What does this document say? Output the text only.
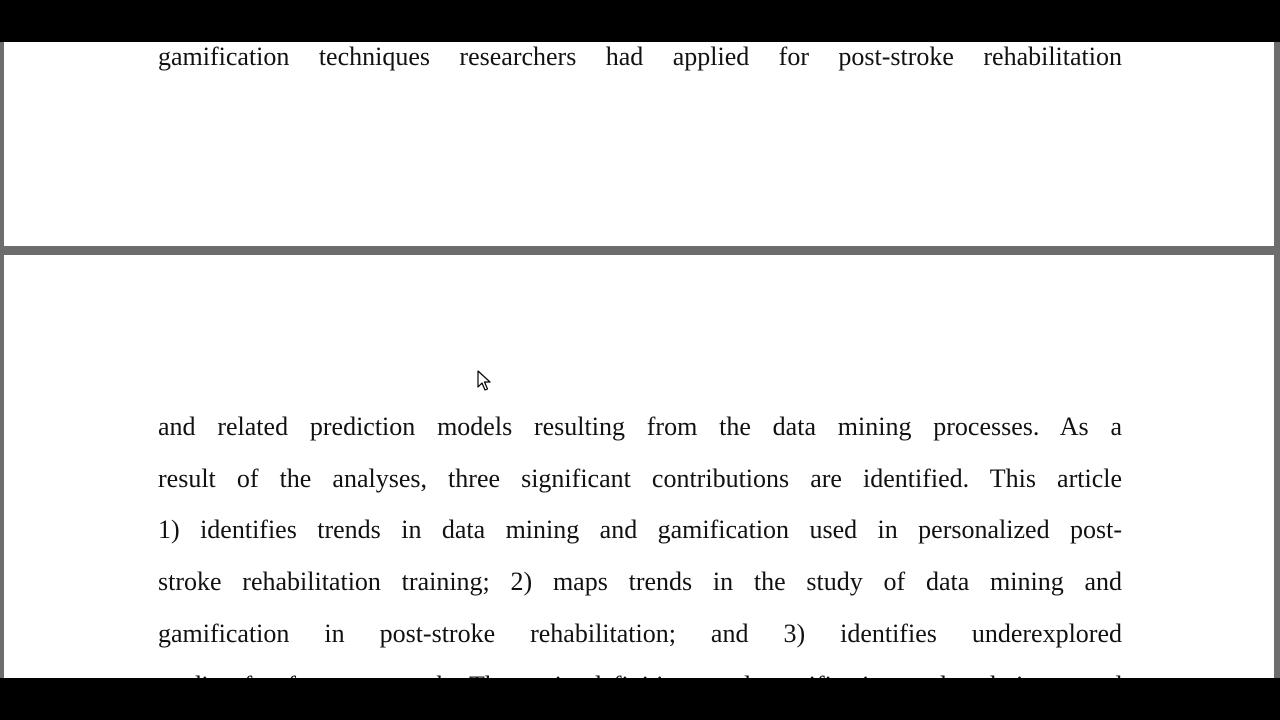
gamification techniques researchers had applied for post-stroke rehabilitation

and related prediction models resulting from the data mining processes. As a

result of the analyses, three significant contributions are identified. This article

1) identifies trends in data mining and gamification used in personalized post-

stroke rehabilitation training; 2) maps trends in the study of data mining and

gamification in post-stroke rehabilitation; and 3) identifies underexplored
